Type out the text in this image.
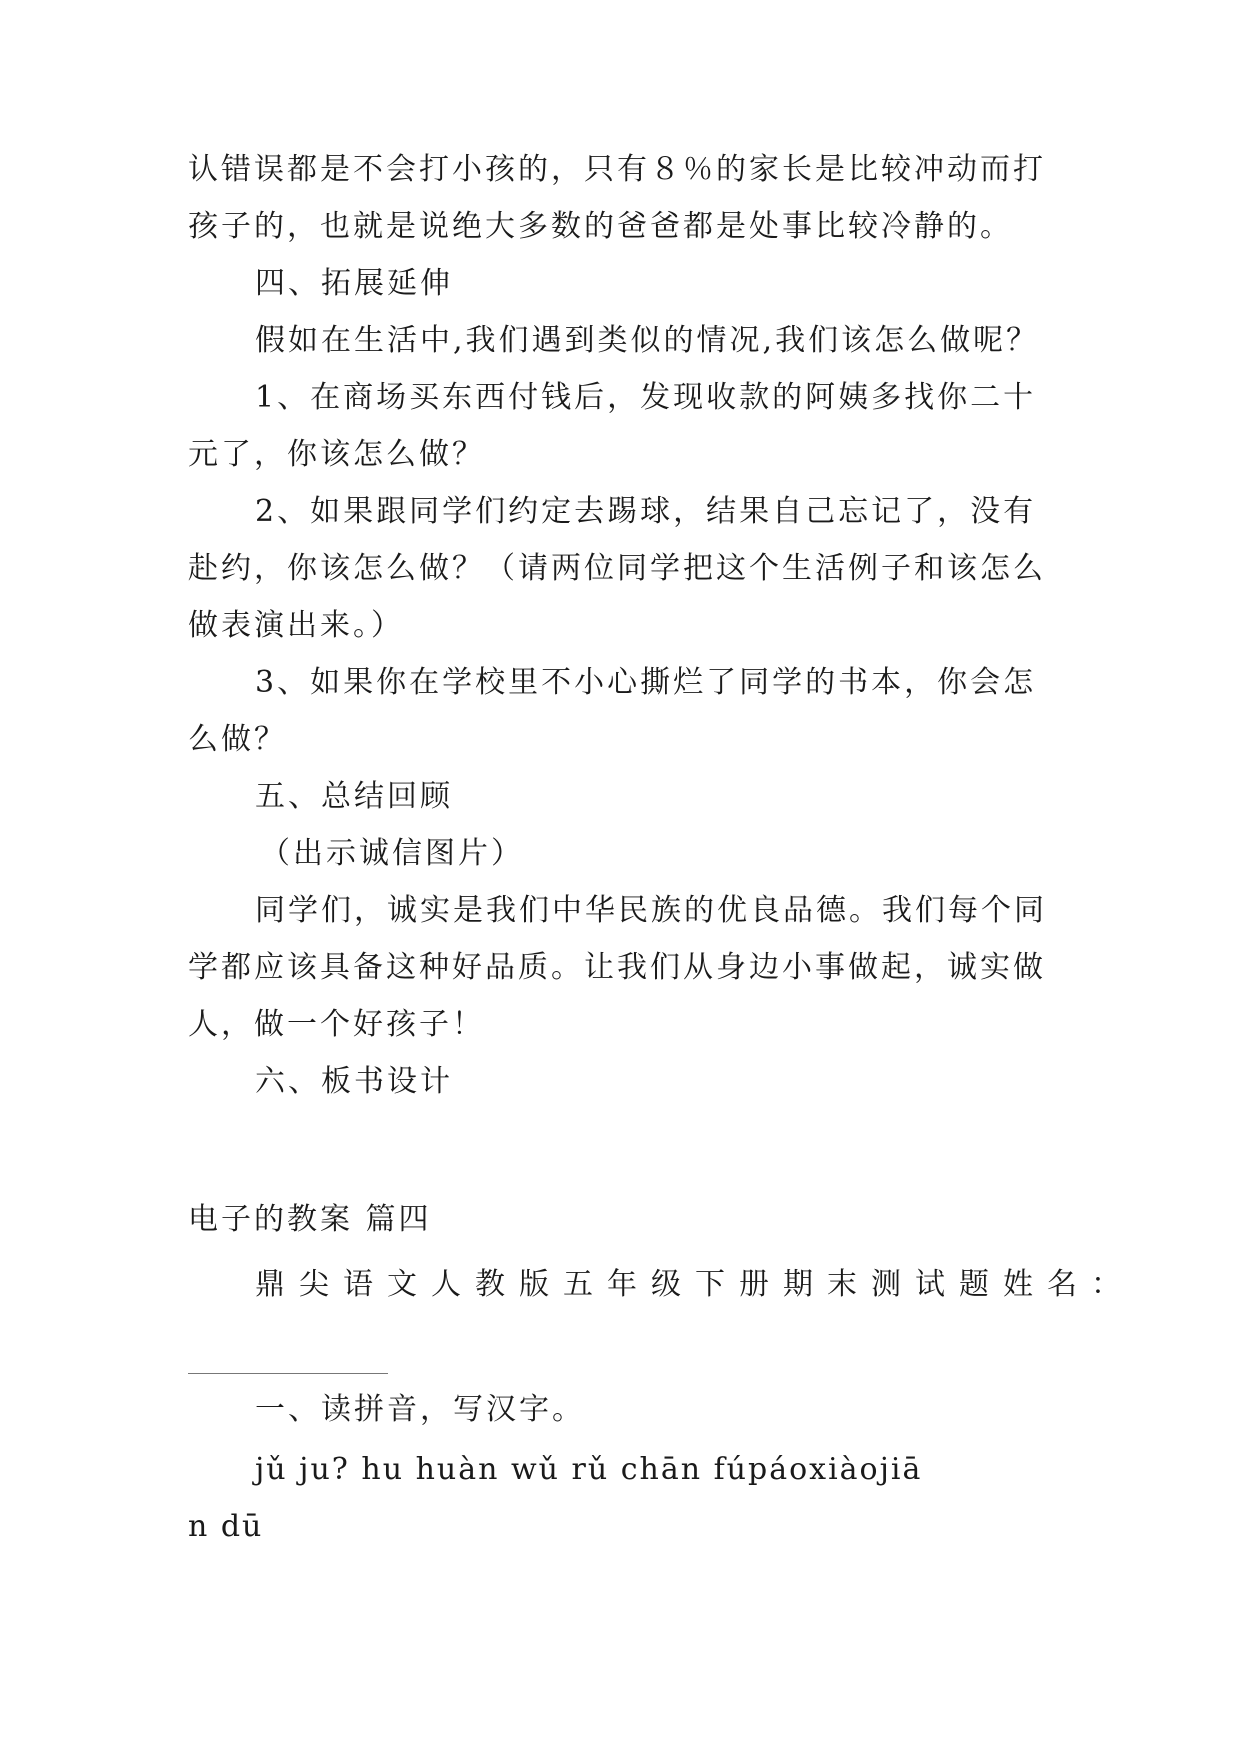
认错误都是不会打小孩的，只有８％的家长是比较冲动而打
孩子的，也就是说绝大多数的爸爸都是处事比较冷静的。
四、拓展延伸
假如在生活中,我们遇到类似的情况,我们该怎么做呢？
1、在商场买东西付钱后，发现收款的阿姨多找你二十
元了，你该怎么做？
2、如果跟同学们约定去踢球，结果自己忘记了，没有
赴约，你该怎么做？（请两位同学把这个生活例子和该怎么
做表演出来。）
3、如果你在学校里不小心撕烂了同学的书本，你会怎
么做？
五、总结回顾
（出示诚信图片）
同学们，诚实是我们中华民族的优良品德。我们每个同
学都应该具备这种好品质。让我们从身边小事做起，诚实做
人，做一个好孩子！
六、板书设计
电子的教案 篇四
鼎尖语文人教版五年级下册期末测试题姓名：
一、读拼音，写汉字。
jǔ ju? hu huàn wǔ rǔ chān fúpáoxiàojiā
n dū
